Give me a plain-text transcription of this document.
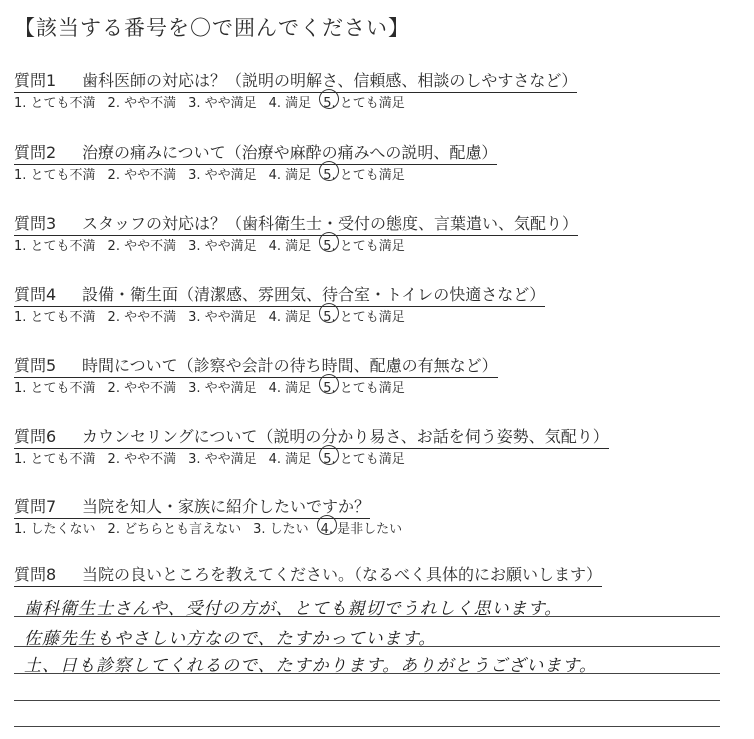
【該当する番号を〇で囲んでください】
質問1 歯科医師の対応は？（説明の明解さ、信頼感、相談のしやすさなど）
1. とても不満 2. やや不満 3. やや満足 4. 満足 5. とても満足
質問2 治療の痛みについて（治療や麻酔の痛みへの説明、配慮）
1. とても不満 2. やや不満 3. やや満足 4. 満足 5. とても満足
質問3 スタッフの対応は？（歯科衛生士・受付の態度、言葉遣い、気配り）
1. とても不満 2. やや不満 3. やや満足 4. 満足 5. とても満足
質問4 設備・衛生面（清潔感、雰囲気、待合室・トイレの快適さなど）
1. とても不満 2. やや不満 3. やや満足 4. 満足 5. とても満足
質問5 時間について（診察や会計の待ち時間、配慮の有無など）
1. とても不満 2. やや不満 3. やや満足 4. 満足 5. とても満足
質問6 カウンセリングについて（説明の分かり易さ、お話を伺う姿勢、気配り）
1. とても不満 2. やや不満 3. やや満足 4. 満足 5. とても満足
質問7 当院を知人・家族に紹介したいですか？
1. したくない 2. どちらとも言えない 3. したい 4. 是非したい
質問8 当院の良いところを教えてください。（なるべく具体的にお願いします）
歯科衛生士さんや、受付の方が、とても親切でうれしく思います。
佐藤先生もやさしい方なので、たすかっています。
土、日も診察してくれるので、たすかります。ありがとうございます。
